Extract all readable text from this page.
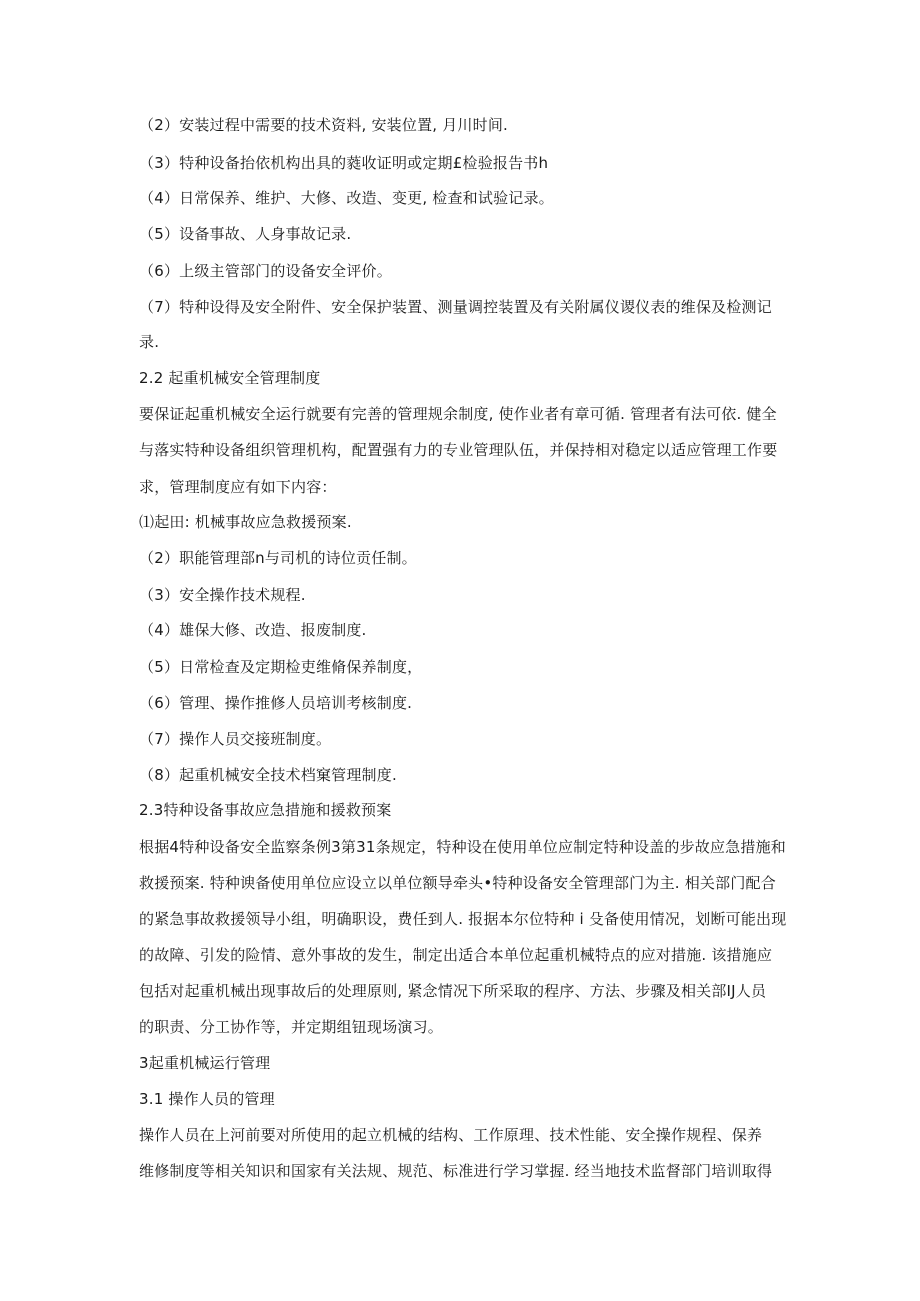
（2）安装过程中需要的技术资料, 安装位置, 月川时间.
（3）特种设备抬依机构出具的蕤收证明或定期£检验报告书h
（4）日常保养、维护、大修、改造、变更, 检查和试验记录。
（5）设备事故、人身事故记录.
（6）上级主管部门的设备安全评价。
（7）特种设得及安全附件、安全保护装置、测量调控装置及有关附属仪谡仪表的维保及检测记
录.
2.2 起重机械安全管理制度
要保证起重机械安全运行就要有完善的管理规余制度, 使作业者有章可循. 管理者有法可依. 健全
与落实特种设备组织管理机构，配置强有力的专业管理队伍，并保持相对稳定以适应管理工作要
求，管理制度应有如下内容：
⑴起田: 机械事故应急救援预案.
（2）职能管理部n与司机的诗位贡任制。
（3）安全操作技术规程.
（4）雄保大修、改造、报废制度.
（5）日常检查及定期检吏维脩保养制度，
（6）管理、操作推修人员培训考核制度.
（7）操作人员交接班制度。
（8）起重机械安全技术档窠管理制度.
2.3特种设备事故应急措施和援救预案
根据4特种设备安全监察条例3第31条规定，特种设在使用单位应制定特种设盖的步故应急措施和
救援预案. 特种谀备使用单位应设立以单位额导牵头•特种设备安全管理部门为主. 相关部门配合
的紧急事故救援领导小组，明确职设，费任到人. 报据本尔位特种 i 殳备使用情况，划断可能出现
的故障、引发的险情、意外事故的发生，制定出适合本单位起重机械特点的应对措施. 该措施应
包括对起重机械出现事故后的处理原则, 紧念情况下所采取的程序、方法、步骤及相关部IJ人员
的职责、分工协作等，并定期组钮现场演习。
3起重机械运行管理
3.1 操作人员的管理
操作人员在上河前要对所使用的起立机械的结构、工作原理、技术性能、安全操作规程、保养
维修制度等相关知识和国家有关法规、规范、标准进行学习掌握. 经当地技术监督部门培训取得
